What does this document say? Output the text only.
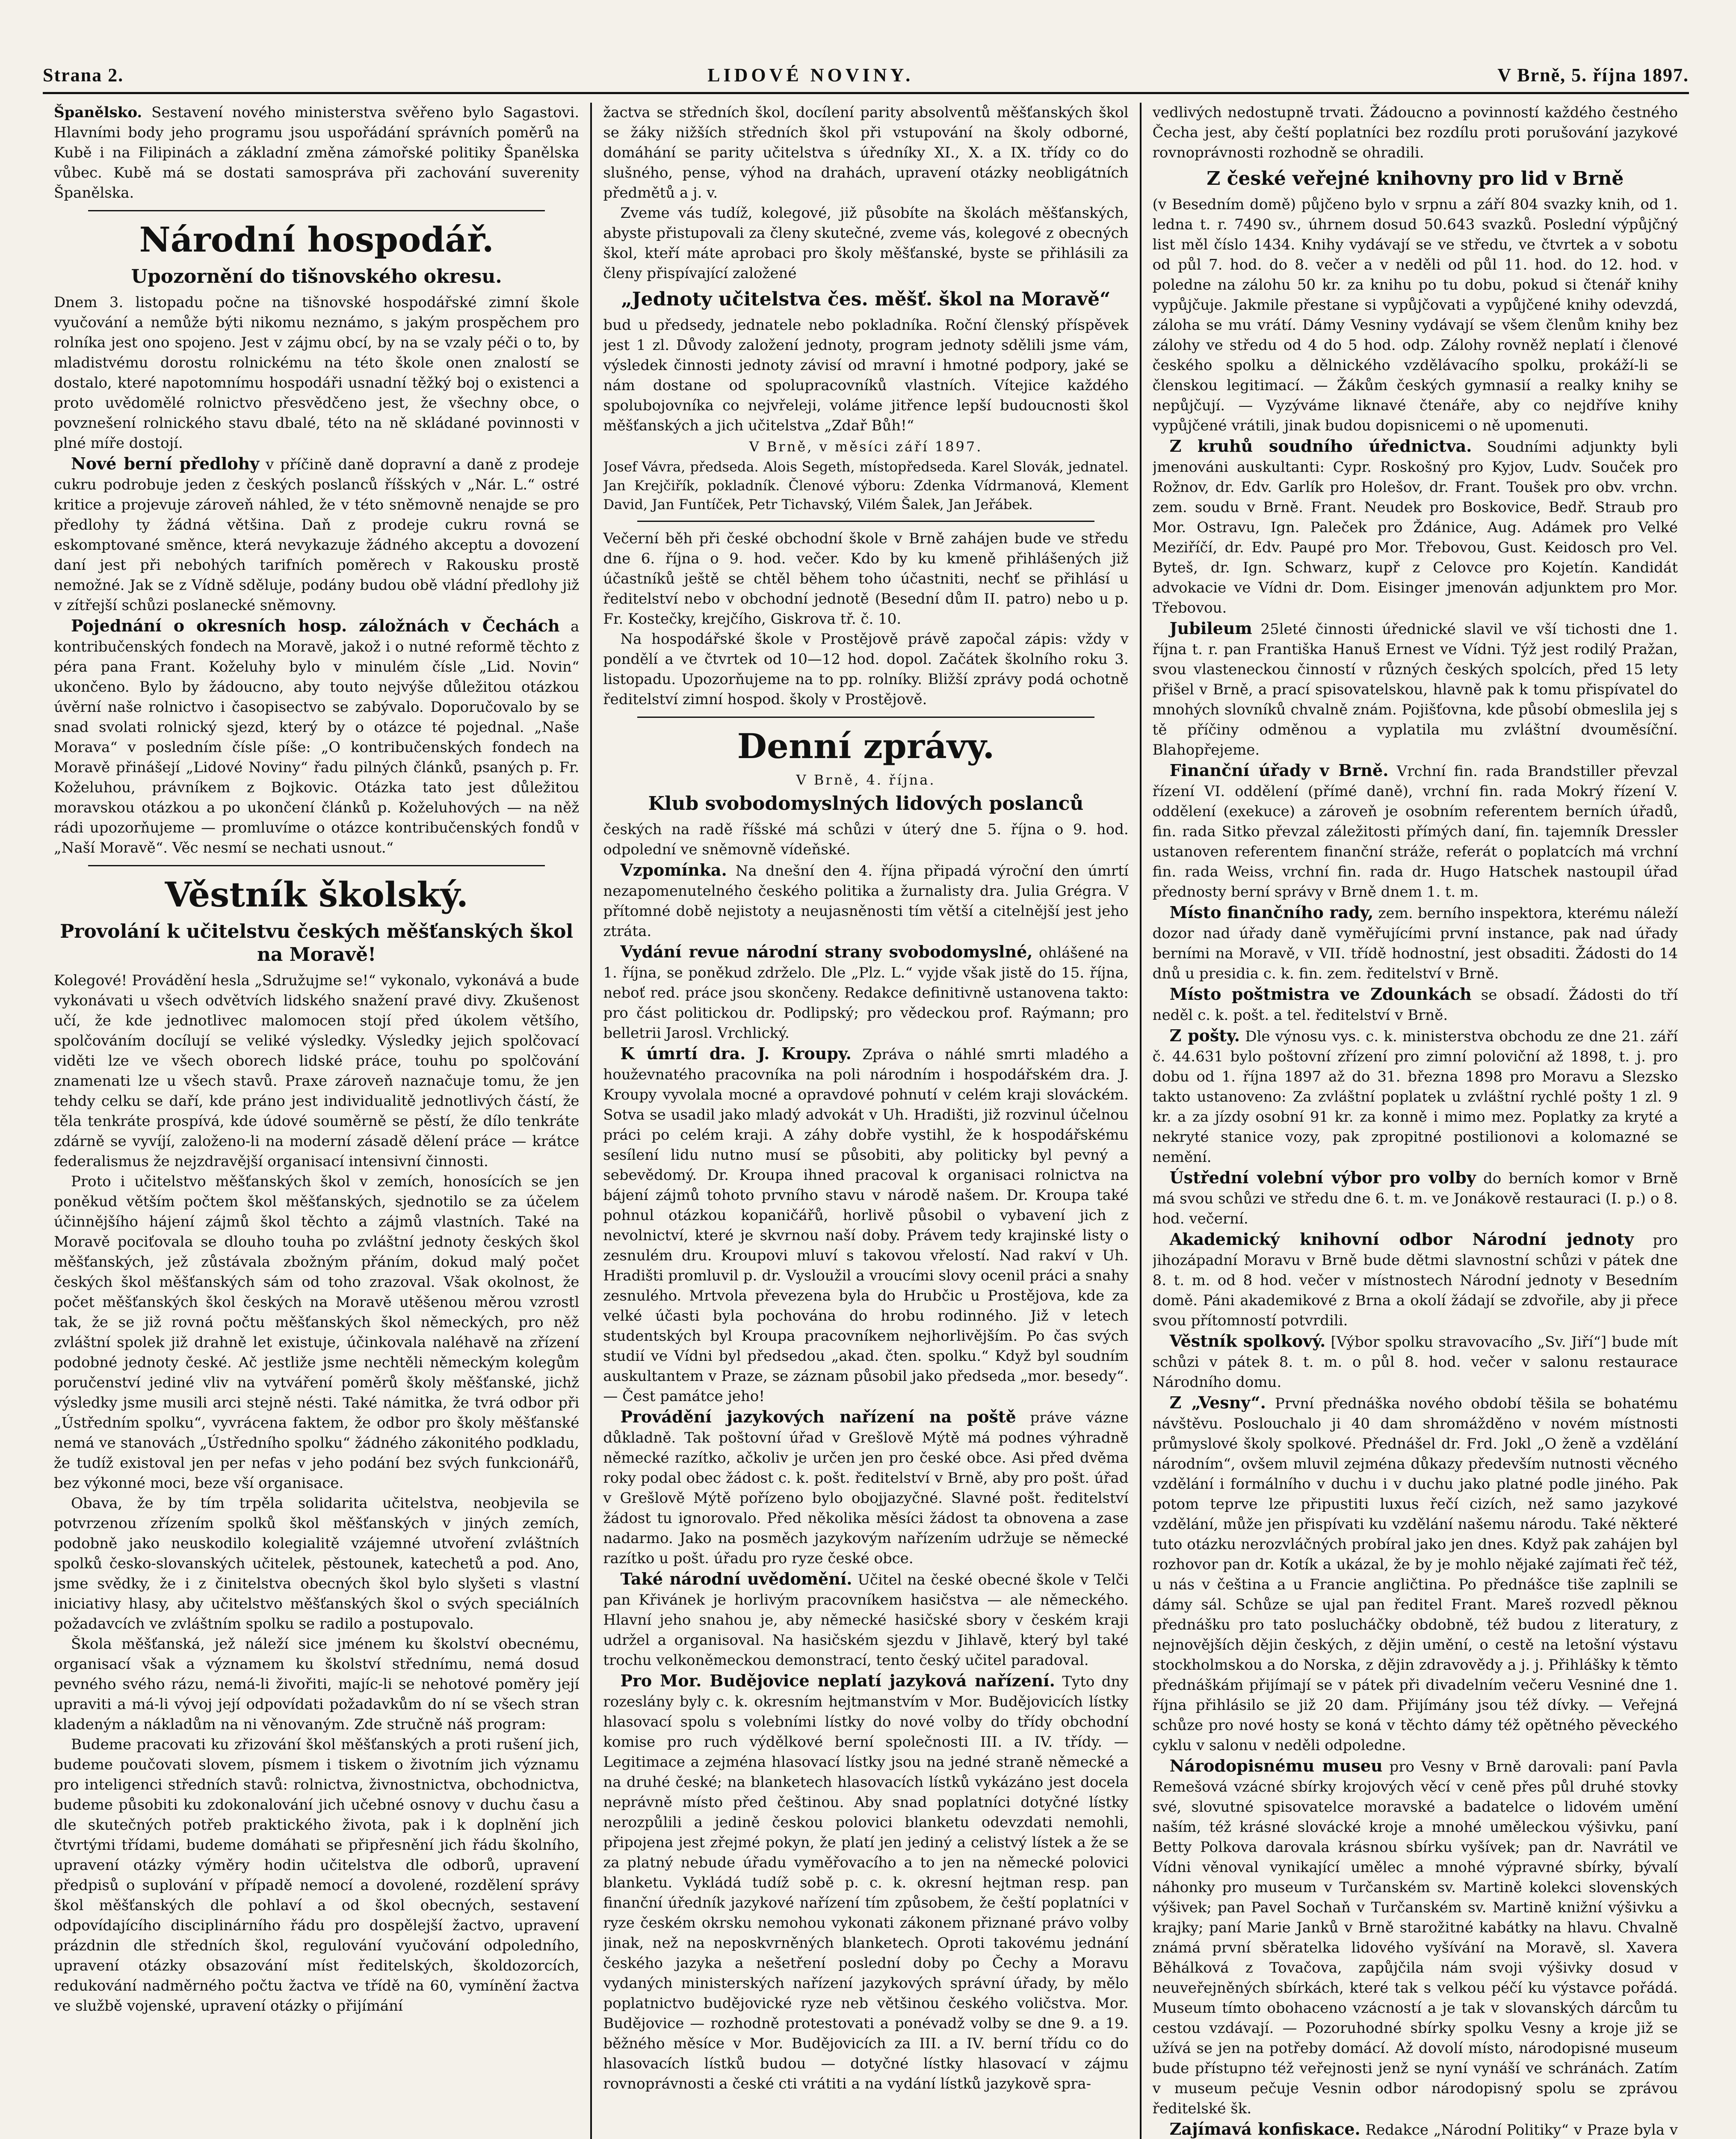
Strana 2.	LIDOVÉ NOVINY.	V Brně, 5. října 1897.

Španělsko. Sestavení nového ministerstva svěřeno bylo Sagastovi. Hlavními body jeho programu jsou uspořádání správních poměrů na Kubě i na Filipinách a základní změna zámořské politiky Španělska vůbec. Kubě má se dostati samospráva při zachování suverenity Španělska.

Národní hospodář.
Upozornění do tišnovského okresu.

Dnem 3. listopadu počne na tišnovské hospodářské zimní škole vyučování a nemůže býti nikomu neznámo, s jakým prospěchem pro rolníka jest ono spojeno. Jest v zájmu obcí, by na se vzaly péči o to, by mladistvému dorostu rolnickému na této škole onen znalostí se dostalo, které napotomnímu hospodáři usnadní těžký boj o existenci a proto uvědomělé rolnictvo přesvědčeno jest, že všechny obce, o povznešení rolnického stavu dbalé, této na ně skládané povinnosti v plné míře dostojí.

Nové berní předlohy v příčině daně dopravní a daně z prodeje cukru podrobuje jeden z českých poslanců říšských v „Nár. L.“ ostré kritice a projevuje zároveň náhled, že v této sněmovně nenajde se pro předlohy ty žádná většina. Daň z prodeje cukru rovná se eskomptované směnce, která nevykazuje žádného akceptu a dovození daní jest při nebohých tarifních poměrech v Rakousku prostě nemožné. Jak se z Vídně sděluje, podány budou obě vládní předlohy již v zítřejší schůzi poslanecké sněmovny.

Pojednání o okresních hosp. záložnách v Čechách a kontribučenských fondech na Moravě, jakož i o nutné reformě těchto z péra pana Frant. Koželuhy bylo v minulém čísle „Lid. Novin“ ukončeno. Bylo by žádoucno, aby touto nejvýše důležitou otázkou úvěrní naše rolnictvo i časopisectvo se zabývalo. Doporučovalo by se snad svolati rolnický sjezd, který by o otázce té pojednal. „Naše Morava“ v posledním čísle píše: „O kontribučenských fondech na Moravě přinášejí „Lidové Noviny“ řadu pilných článků, psaných p. Fr. Koželuhou, právníkem z Bojkovic. Otázka tato jest důležitou moravskou otázkou a po ukončení článků p. Koželuhových — na něž rádi upozorňujeme — promluvíme o otázce kontribučenských fondů v „Naší Moravě“. Věc nesmí se nechati usnout.“

Věstník školský.
Provolání k učitelstvu českých měšťanských škol na Moravě!

Kolegové! Provádění hesla „Sdružujme se!“ vykonalo, vykonává a bude vykonávati u všech odvětvích lidského snažení pravé divy. Zkušenost učí, že kde jednotlivec malomocen stojí před úkolem většího, spolčováním docílují se veliké výsledky. Výsledky jejich spolčovací viděti lze ve všech oborech lidské práce, touhu po spolčování znamenati lze u všech stavů. Praxe zároveň naznačuje tomu, že jen tehdy celku se daří, kde práno jest individualitě jednotlivých částí, že těla tenkráte prospívá, kde údové souměrně se pěstí, že dílo tenkráte zdárně se vyvíjí, založeno-li na moderní zásadě dělení práce — krátce federalismus že nejzdravější organisací intensivní činnosti.

Proto i učitelstvo měšťanských škol v zemích, honosících se jen poněkud větším počtem škol měšťanských, sjednotilo se za účelem účinnějšího hájení zájmů škol těchto a zájmů vlastních. Také na Moravě pociťovala se dlouho touha po zvláštní jednoty českých škol měšťanských, jež zůstávala zbožným přáním, dokud malý počet českých škol měšťanských sám od toho zrazoval. Však okolnost, že počet měšťanských škol českých na Moravě utěšenou měrou vzrostl tak, že se již rovná počtu měšťanských škol německých, pro něž zvláštní spolek již drahně let existuje, účinkovala naléhavě na zřízení podobné jednoty české. Ač jestliže jsme nechtěli německým kolegům poručenství jediné vliv na vytváření poměrů školy měšťanské, jichž výsledky jsme musili arci stejně nésti. Také námitka, že tvrá odbor při „Ústředním spolku“, vyvrácena faktem, že odbor pro školy měšťanské nemá ve stanovách „Ústředního spolku“ žádného zákonitého podkladu, že tudíž existoval jen per nefas v jeho podání bez svých funkcionářů, bez výkonné moci, beze vší organisace.

Obava, že by tím trpěla solidarita učitelstva, neobjevila se potvrzenou zřízením spolků škol měšťanských v jiných zemích, podobně jako neuskodilo kolegialitě vzájemné utvoření zvláštních spolků česko-slovanských učitelek, pěstounek, katechetů a pod. Ano, jsme svědky, že i z činitelstva obecných škol bylo slyšeti s vlastní iniciativy hlasy, aby učitelstvo měšťanských škol o svých speciálních požadavcích ve zvláštním spolku se radilo a postupovalo.

Škola měšťanská, jež náleží sice jménem ku školství obecnému, organisací však a významem ku školství střednímu, nemá dosud pevného svého rázu, nemá-li živořiti, majíc-li se nehotové poměry její upraviti a má-li vývoj její odpovídati požadavkům do ní se všech stran kladeným a nákladům na ni věnovaným. Zde stručně náš program:

Budeme pracovati ku zřizování škol měšťanských a proti rušení jich, budeme poučovati slovem, písmem i tiskem o životním jich významu pro inteligenci středních stavů: rolnictva, živnostnictva, obchodnictva, budeme působiti ku zdokonalování jich učebné osnovy v duchu času a dle skutečných potřeb praktického života, pak i k doplnění jich čtvrtými třídami, budeme domáhati se připřesnění jich řádu školního, upravení otázky výměry hodin učitelstva dle odborů, upravení předpisů o suplování v případě nemocí a dovolené, rozdělení správy škol měšťanských dle pohlaví a od škol obecných, sestavení odpovídajícího disciplinárního řádu pro dospělejší žactvo, upravení prázdnin dle středních škol, regulování vyučování odpoledního, upravení otázky obsazování míst ředitelských, školdozorcích, redukování nadměrného počtu žactva ve třídě na 60, vymínění žactva ve službě vojenské, upravení otázky o přijímání

žactva se středních škol, docílení parity absolventů měšťanských škol se žáky nižších středních škol při vstupování na školy odborné, domáhání se parity učitelstva s úředníky XI., X. a IX. třídy co do slušného, pense, výhod na drahách, upravení otázky neobligátních předmětů a j. v.

Zveme vás tudíž, kolegové, již působíte na školách měšťanských, abyste přistupovali za členy skutečné, zveme vás, kolegové z obecných škol, kteří máte aprobaci pro školy měšťanské, byste se přihlásili za členy přispívající založené

„Jednoty učitelstva čes. měšť. škol na Moravě“

bud u předsedy, jednatele nebo pokladníka. Roční členský příspěvek jest 1 zl. Důvody založení jednoty, program jednoty sdělili jsme vám, výsledek činnosti jednoty závisí od mravní i hmotné podpory, jaké se nám dostane od spolupracovníků vlastních. Vítejice každého spolubojovníka co nejvřeleji, voláme jitřence lepší budoucnosti škol měšťanských a jich učitelstva „Zdař Bůh!“

V Brně, v měsíci září 1897.

Josef Vávra, předseda. Alois Segeth, místopředseda. Karel Slovák, jednatel. Jan Krejčiřík, pokladník. Členové výboru: Zdenka Vídrmanová, Klement David, Jan Funtíček, Petr Tichavský, Vilém Šalek, Jan Jeřábek.

Večerní běh při české obchodní škole v Brně zahájen bude ve středu dne 6. října o 9. hod. večer. Kdo by ku kmeně přihlášených již účastníků ještě se chtěl během toho účastniti, nechť se přihlásí u ředitelství nebo v obchodní jednotě (Besední dům II. patro) nebo u p. Fr. Kostečky, krejčího, Giskrova tř. č. 10.

Na hospodářské škole v Prostějově právě započal zápis: vždy v pondělí a ve čtvrtek od 10—12 hod. dopol. Začátek školního roku 3. listopadu. Upozorňujeme na to pp. rolníky. Bližší zprávy podá ochotně ředitelství zimní hospod. školy v Prostějově.

Denní zprávy.
V Brně, 4. října.
Klub svobodomyslných lidových poslanců

českých na radě říšské má schůzi v úterý dne 5. října o 9. hod. odpolední ve sněmovně vídeňské.

Vzpomínka. Na dnešní den 4. října připadá výroční den úmrtí nezapomenutelného českého politika a žurnalisty dra. Julia Grégra. V přítomné době nejistoty a neujasněnosti tím větší a citelnější jest jeho ztráta.

Vydání revue národní strany svobodomyslné, ohlášené na 1. října, se poněkud zdrželo. Dle „Plz. L.“ vyjde však jistě do 15. října, neboť red. práce jsou skončeny. Redakce definitivně ustanovena takto: pro část politickou dr. Podlipský; pro vědeckou prof. Raýmann; pro belletrii Jarosl. Vrchlický.

K úmrtí dra. J. Kroupy. Zpráva o náhlé smrti mladého a houževnatého pracovníka na poli národním i hospodářském dra. J. Kroupy vyvolala mocné a opravdové pohnutí v celém kraji slováckém. Sotva se usadil jako mladý advokát v Uh. Hradišti, již rozvinul účelnou práci po celém kraji. A záhy dobře vystihl, že k hospodářskému sesílení lidu nutno musí se působiti, aby politicky byl pevný a sebevědomý. Dr. Kroupa ihned pracoval k organisaci rolnictva na bájení zájmů tohoto prvního stavu v národě našem. Dr. Kroupa také pohnul otázkou kopaničářů, horlivě působil o vybavení jich z nevolnictví, které je skvrnou naší doby. Právem tedy krajinské listy o zesnulém dru. Kroupovi mluví s takovou vřelostí. Nad rakví v Uh. Hradišti promluvil p. dr. Vysloužil a vroucími slovy ocenil práci a snahy zesnulého. Mrtvola převezena byla do Hrubčic u Prostějova, kde za velké účasti byla pochována do hrobu rodinného. Již v letech studentských byl Kroupa pracovníkem nejhorlivějším. Po čas svých studií ve Vídni byl předsedou „akad. čten. spolku.“ Když byl soudním auskultantem v Praze, se záznam působil jako předseda „mor. besedy“. — Čest památce jeho!

Provádění jazykových nařízení na poště práve vázne důkladně. Tak poštovní úřad v Grešlově Mýtě má podnes výhradně německé razítko, ačkoliv je určen jen pro české obce. Asi před dvěma roky podal obec žádost c. k. pošt. ředitelství v Brně, aby pro pošt. úřad v Grešlově Mýtě pořízeno bylo obojjazyčné. Slavné pošt. ředitelství žádost tu ignorovalo. Před několika měsíci žádost ta obnovena a zase nadarmo. Jako na posměch jazykovým nařízením udržuje se německé razítko u pošt. úřadu pro ryze české obce.

Také národní uvědomění. Učitel na české obecné škole v Telči pan Křivánek je horlivým pracovníkem hasičstva — ale německého. Hlavní jeho snahou je, aby německé hasičské sbory v českém kraji udržel a organisoval. Na hasičském sjezdu v Jihlavě, který byl také trochu velkoněmeckou demonstrací, tento český učitel paradoval.

Pro Mor. Budějovice neplatí jazyková nařízení. Tyto dny rozeslány byly c. k. okresním hejtmanstvím v Mor. Budějovicích lístky hlasovací spolu s volebními lístky do nové volby do třídy obchodní komise pro ruch výdělkové berní společnosti III. a IV. třídy. — Legitimace a zejména hlasovací lístky jsou na jedné straně německé a na druhé české; na blanketech hlasovacích lístků vykázáno jest docela neprávně místo před češtinou. Aby snad poplatníci dotyčné lístky nerozpůlili a jedině českou polovici blanketu odevzdati nemohli, připojena jest zřejmé pokyn, že platí jen jediný a celistvý lístek a že se za platný nebude úřadu vyměřovacího a to jen na německé polovici blanketu. Vykládá tudíž sobě p. c. k. okresní hejtman resp. pan finanční úředník jazykové nařízení tím způsobem, že čeští poplatníci v ryze českém okrsku nemohou vykonati zákonem přiznané právo volby jinak, než na neposkvrněných blanketech. Oproti takovému jednání českého jazyka a nešetření poslední doby po Čechy a Moravu vydaných ministerských nařízení jazykových správní úřady, by mělo poplatnictvo budějovické ryze neb většinou českého voličstva. Mor. Budějovice — rozhodně protestovati a ponévadž volby se dne 9. a 19. běžného měsíce v Mor. Budějovicích za III. a IV. berní třídu co do hlasovacích lístků budou — dotyčné lístky hlasovací v zájmu rovnoprávnosti a české cti vrátiti a na vydání lístků jazykově spra-

vedlivých nedostupně trvati. Žádoucno a povinností každého čestného Čecha jest, aby čeští poplatníci bez rozdílu proti porušování jazykové rovnoprávnosti rozhodně se ohradili.

Z české veřejné knihovny pro lid v Brně

(v Besedním domě) půjčeno bylo v srpnu a září 804 svazky knih, od 1. ledna t. r. 7490 sv., úhrnem dosud 50.643 svazků. Poslední výpůjčný list měl číslo 1434. Knihy vydávají se ve středu, ve čtvrtek a v sobotu od půl 7. hod. do 8. večer a v neděli od půl 11. hod. do 12. hod. v poledne na zálohu 50 kr. za knihu po tu dobu, pokud si čtenář knihy vypůjčuje. Jakmile přestane si vypůjčovati a vypůjčené knihy odevzdá, záloha se mu vrátí. Dámy Vesniny vydávají se všem členům knihy bez zálohy ve středu od 4 do 5 hod. odp. Zálohy rovněž neplatí i členové českého spolku a dělnického vzdělávacího spolku, prokáží-li se členskou legitimací. — Žákům českých gymnasií a realky knihy se nepůjčují. — Vyzýváme liknavé čtenáře, aby co nejdříve knihy vypůjčené vrátili, jinak budou dopisnicemi o ně upomenuti.

Z kruhů soudního úřednictva. Soudními adjunkty byli jmenováni auskultanti: Cypr. Roskošný pro Kyjov, Ludv. Souček pro Rožnov, dr. Edv. Garlík pro Holešov, dr. Frant. Toušek pro obv. vrchn. zem. soudu v Brně. Frant. Neudek pro Boskovice, Bedř. Straub pro Mor. Ostravu, Ign. Paleček pro Ždánice, Aug. Adámek pro Velké Meziříčí, dr. Edv. Paupé pro Mor. Třebovou, Gust. Keidosch pro Vel. Byteš, dr. Ign. Schwarz, kupř z Celovce pro Kojetín. Kandidát advokacie ve Vídni dr. Dom. Eisinger jmenován adjunktem pro Mor. Třebovou.

Jubileum 25leté činnosti úřednické slavil ve vší tichosti dne 1. října t. r. pan Františka Hanuš Ernest ve Vídni. Týž jest rodilý Pražan, svou vlasteneckou činností v různých českých spolcích, před 15 lety přišel v Brně, a prací spisovatelskou, hlavně pak k tomu přispívatel do mnohých slovníků chvalně znám. Pojišťovna, kde působí obmeslila jej s tě příčiny odměnou a vyplatila mu zvláštní dvouměsíční. Blahopřejeme.

Finanční úřady v Brně. Vrchní fin. rada Brandstiller převzal řízení VI. oddělení (přímé daně), vrchní fin. rada Mokrý řízení V. oddělení (exekuce) a zároveň je osobním referentem berních úřadů, fin. rada Sitko převzal záležitosti přímých daní, fin. tajemník Dressler ustanoven referentem finanční stráže, referát o poplatcích má vrchní fin. rada Weiss, vrchní fin. rada dr. Hugo Hatschek nastoupil úřad přednosty berní správy v Brně dnem 1. t. m.

Místo finančního rady, zem. berního inspektora, kterému náleží dozor nad úřady daně vyměřujícími první instance, pak nad úřady berními na Moravě, v VII. třídě hodnostní, jest obsaditi. Žádosti do 14 dnů u presidia c. k. fin. zem. ředitelství v Brně.

Místo poštmistra ve Zdounkách se obsadí. Žádosti do tří neděl c. k. pošt. a tel. ředitelství v Brně.

Z pošty. Dle výnosu vys. c. k. ministerstva obchodu ze dne 21. září č. 44.631 bylo poštovní zřízení pro zimní poloviční až 1898, t. j. pro dobu od 1. října 1897 až do 31. března 1898 pro Moravu a Slezsko takto ustanoveno: Za zvláštní poplatek u zvláštní rychlé pošty 1 zl. 9 kr. a za jízdy osobní 91 kr. za konně i mimo mez. Poplatky za kryté a nekryté stanice vozy, pak zpropitné postilionovi a kolomazné se nemění.

Ústřední volební výbor pro volby do berních komor v Brně má svou schůzi ve středu dne 6. t. m. ve Jonákově restauraci (I. p.) o 8. hod. večerní.

Akademický knihovní odbor Národní jednoty pro jihozápadní Moravu v Brně bude dětmi slavnostní schůzi v pátek dne 8. t. m. od 8 hod. večer v místnostech Národní jednoty v Besedním domě. Páni akademikové z Brna a okolí žádají se zdvořile, aby ji přece svou přítomností potvrdili.

Věstník spolkový. [Výbor spolku stravovacího „Sv. Jiří“] bude mít schůzi v pátek 8. t. m. o půl 8. hod. večer v salonu restaurace Národního domu.

Z „Vesny“. První přednáška nového období těšila se bohatému návštěvu. Poslouchalo ji 40 dam shromážděno v novém místnosti průmyslové školy spolkové. Přednášel dr. Frd. Jokl „O ženě a vzdělání národním“, ovšem mluvil zejména důkazy především nutnosti věcného vzdělání i formálního v duchu i v duchu jako platné podle jiného. Pak potom teprve lze připustiti luxus řečí cizích, než samo jazykové vzdělání, může jen přispívati ku vzdělání našemu národu. Také některé tuto otázku nerozvláčných probíral jako jen dnes. Když pak zahájen byl rozhovor pan dr. Kotík a ukázal, že by je mohlo nějaké zajímati řeč též, u nás v čeština a u Francie angličtina. Po přednášce tiše zaplnili se dámy sál. Schůze se ujal pan ředitel Frant. Mareš rozvedl pěknou přednášku pro tato poslucháčky obdobně, též budou z literatury, z nejnovějších dějin českých, z dějin umění, o cestě na letošní výstavu stockholmskou a do Norska, z dějin zdravovědy a j. j. Přihlášky k těmto přednáškám přijímají se v pátek při divadelním večeru Vesniné dne 1. října přihlásilo se již 20 dam. Přijímány jsou též dívky. — Veřejná schůze pro nové hosty se koná v těchto dámy též opětného pěveckého cyklu v salonu v neděli odpoledne.

Národopisnému museu pro Vesny v Brně darovali: paní Pavla Remešová vzácné sbírky krojových věcí v ceně přes půl druhé stovky své, slovutné spisovatelce moravské a badatelce o lidovém umění naším, též krásné slovácké kroje a mnohé uměleckou výšivku, paní Betty Polkova darovala krásnou sbírku vyšívek; pan dr. Navrátil ve Vídni věnoval vynikající umělec a mnohé výpravné sbírky, bývalí náhonky pro museum v Turčanském sv. Martině kolekci slovenských výšivek; pan Pavel Sochaň v Turčanském sv. Martině knižní výšivku a krajky; paní Marie Janků v Brně starožitné kabátky na hlavu. Chvalně známá první sběratelka lidového vyšívání na Moravě, sl. Xavera Běhálková z Tovačova, zapůjčila nám svoji výšivky dosud v neuveřejněných sbírkách, které tak s velkou péčí ku výstavce pořádá. Museum tímto obohaceno vzácností a je tak v slovanských dárcům tu cestou vzdávají. — Pozoruhodné sbírky spolku Vesny a kroje již se užívá se jen na potřeby domácí. Až dovolí místo, národopisné museum bude přístupno též veřejnosti jenž se nyní vynáší ve schránách. Zatím v museum pečuje Vesnin odbor národopisný spolu se zprávou ředitelské šk.

Zajímavá konfiskace. Redakce „Národní Politiky“ v Praze byla v
